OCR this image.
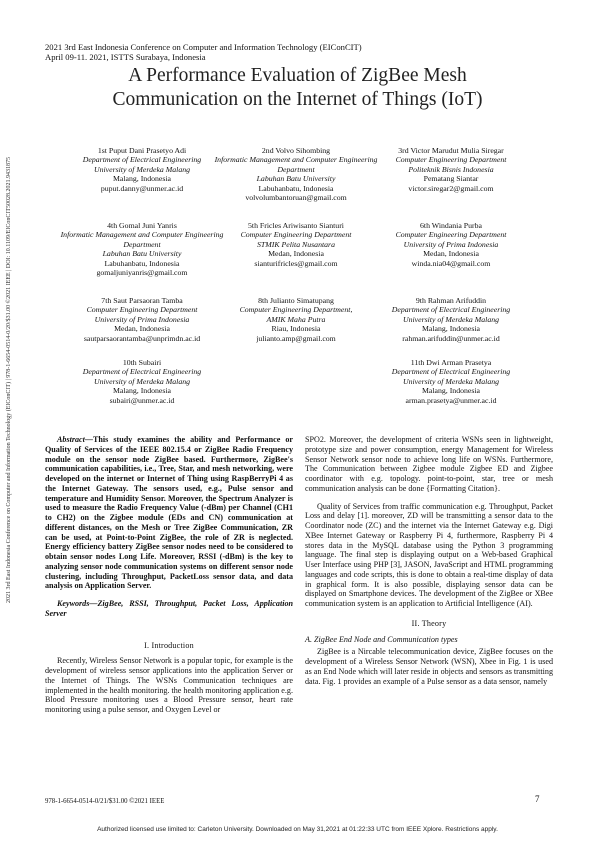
2021 3rd East Indonesia Conference on Computer and Information Technology (EIConCIT)
April 09-11. 2021, ISTTS Surabaya, Indonesia
A Performance Evaluation of ZigBee Mesh
Communication on the Internet of Things (IoT)
2021 3rd East Indonesia Conference on Computer and Information Technology (EIConCIT) | 978-1-6654-0514-0/20/$31.00 ©2021 IEEE | DOI: 10.1109/EIConCIT50028.2021.9431875
1st Puput Dani Prasetyo Adi
Department of Electrical Engineering
University of Merdeka Malang
Malang, Indonesia
puput.danny@unmer.ac.id
2nd Volvo Sihombing
Informatic Management and Computer Engineering Department
Labuhan Batu University
Labuhanbatu, Indonesia
volvolumbantoruan@gmail.com
3rd Victor Marudut Mulia Siregar
Computer Engineering Department
Politeknik Bisnis Indonesia
Pematang Siantar
victor.siregar2@gmail.com
4th Gomal Juni Yanris
Informatic Management and Computer Engineering Department
Labuhan Batu University
Labuhanbatu, Indonesia
gomaljuniyanris@gmail.com
5th Fricles Ariwisanto Sianturi
Computer Engineering Department
STMIK Pelita Nusantara
Medan, Indonesia
sianturifricles@gmail.com
6th Windania Purba
Computer Engineering Department
University of Prima Indonesia
Medan, Indonesia
winda.nia04@gmail.com
7th Saut Parsaoran Tamba
Computer Engineering Department
University of Prima Indonesia
Medan, Indonesia
sautparsaorantamba@unprimdn.ac.id
8th Julianto Simatupang
Computer Engineering Department,
AMIK Maha Putra
Riau, Indonesia
julianto.amp@gmail.com
9th Rahman Arifuddin
Department of Electrical Engineering
University of Merdeka Malang
Malang, Indonesia
rahman.arifuddin@unmer.ac.id
10th Subairi
Department of Electrical Engineering
University of Merdeka Malang
Malang, Indonesia
subairi@unmer.ac.id
11th Dwi Arman Prasetya
Department of Electrical Engineering
University of Merdeka Malang
Malang, Indonesia
arman.prasetya@unmer.ac.id

Abstract—This study examines the ability and Performance or Quality of Services of the IEEE 802.15.4 or ZigBee Radio Frequency module on the sensor node ZigBee based. Furthermore, ZigBee's communication capabilities, i.e., Tree, Star, and mesh networking, were developed on the internet or Internet of Thing using RaspBerryPi 4 as the Internet Gateway. The sensors used, e.g., Pulse sensor and temperature and Humidity Sensor. Moreover, the Spectrum Analyzer is used to measure the Radio Frequency Value (-dBm) per Channel (CH1 to CH2) on the Zigbee module (EDs and CN) communication at different distances, on the Mesh or Tree ZigBee Communication, ZR can be used, at Point-to-Point ZigBee, the role of ZR is neglected. Energy efficiency battery ZigBee sensor nodes need to be considered to obtain sensor nodes Long Life. Moreover, RSSI (-dBm) is the key to analyzing sensor node communication systems on different sensor node clustering, including Throughput, PacketLoss sensor data, and data analysis on Application Server.

Keywords—ZigBee, RSSI, Throughput, Packet Loss, Application Server

I. Introduction

Recently, Wireless Sensor Network is a popular topic, for example is the development of wireless sensor applications into the application Server or the Internet of Things. The WSNs Communication techniques are implemented in the health monitoring. the health monitoring application e.g. Blood Pressure monitoring uses a Blood Pressure sensor, heart rate monitoring using a pulse sensor, and Oxygen Level or

SPO2. Moreover, the development of criteria WSNs seen in lightweight, prototype size and power consumption, energy Management for Wireless Sensor Network sensor node to achieve long life on WSNs. Furthermore, The Communication between Zigbee module Zigbee ED and Zigbee coordinator with e.g. topology. point-to-point, star, tree or mesh communication analysis can be done {Formatting Citation}.

Quality of Services from traffic communication e.g. Throughput, Packet Loss and delay [1]. moreover, ZD will be transmitting a sensor data to the Coordinator node (ZC) and the internet via the Internet Gateway e.g. Digi XBee Internet Gateway or Raspberry Pi 4, furthermore, Raspberry Pi 4 stores data in the MySQL database using the Python 3 programming language. The final step is displaying output on a Web-based Graphical User Interface using PHP [3], JASON, JavaScript and HTML programming languages and code scripts, this is done to obtain a real-time display of data in graphical form. It is also possible, displaying sensor data can be displayed on Smartphone devices. The development of the ZigBee or XBee communication system is an application to Artificial Intelligence (AI).

II. Theory

A. ZigBee End Node and Communication types

ZigBee is a Nircable telecommunication device, ZigBee focuses on the development of a Wireless Sensor Network (WSN), Xbee in Fig. 1 is used as an End Node which will later reside in objects and sensors as transmitting data. Fig. 1 provides an example of a Pulse sensor as a data sensor, namely

978-1-6654-0514-0/21/$31.00 ©2021 IEEE	7
Authorized licensed use limited to: Carleton University. Downloaded on May 31,2021 at 01:22:33 UTC from IEEE Xplore. Restrictions apply.
